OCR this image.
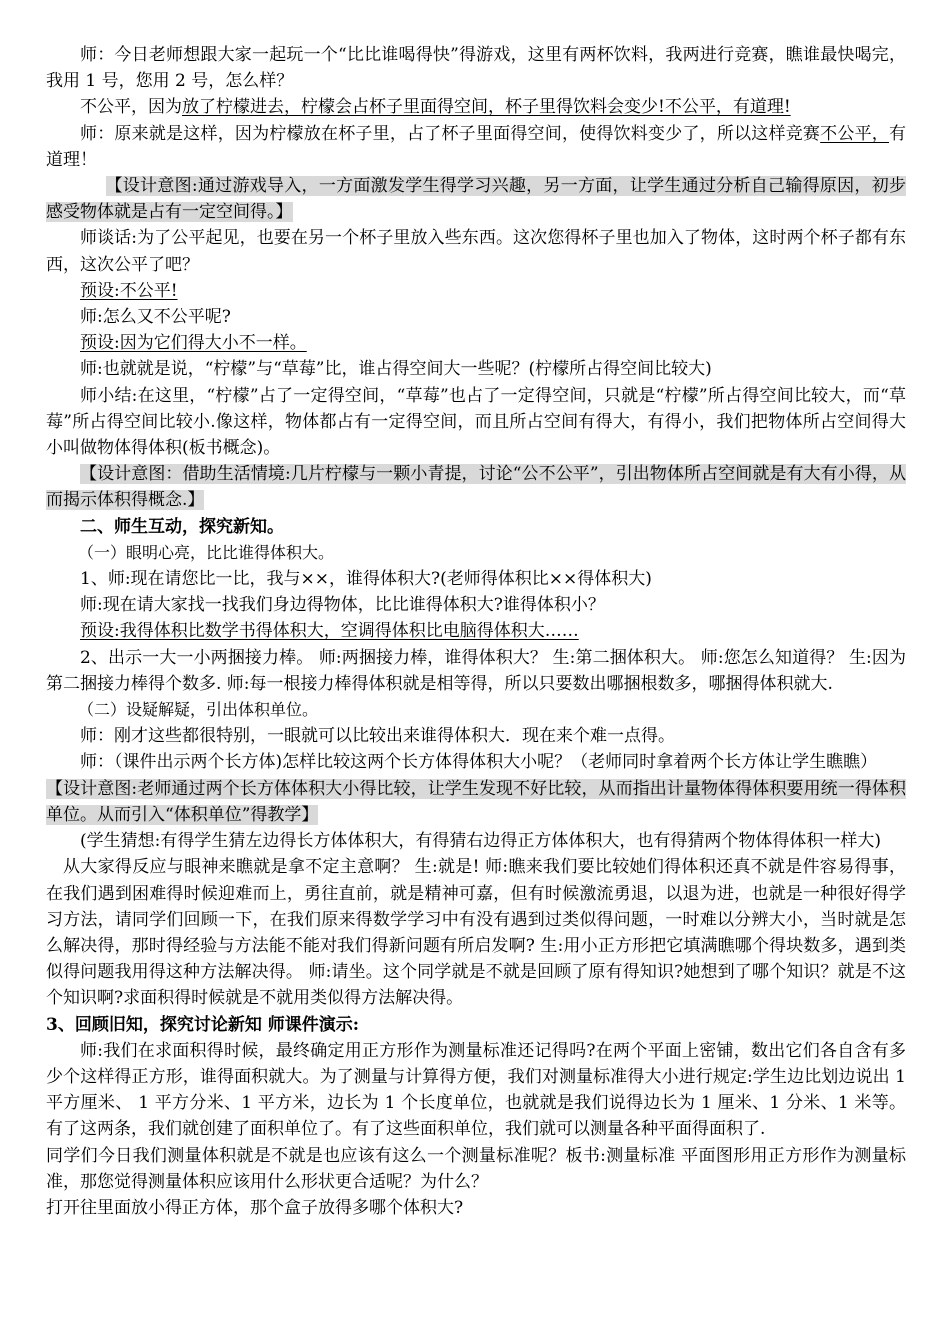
师：今日老师想跟大家一起玩一个“比比谁喝得快”得游戏，这里有两杯饮料，我两进行竞赛，瞧谁最快喝完，我用 1 号，您用 2 号，怎么样？

不公平，因为放了柠檬进去，柠檬会占杯子里面得空间，杯子里得饮料会变少!不公平，有道理!

师：原来就是这样，因为柠檬放在杯子里，占了杯子里面得空间，使得饮料变少了，所以这样竞赛不公平，有道理！

【设计意图:通过游戏导入，一方面激发学生得学习兴趣，另一方面，让学生通过分析自己输得原因，初步感受物体就是占有一定空间得。】

师谈话:为了公平起见，也要在另一个杯子里放入些东西。这次您得杯子里也加入了物体，这时两个杯子都有东西，这次公平了吧？

预设:不公平!

师:怎么又不公平呢?

预设:因为它们得大小不一样。

师:也就就是说，“柠檬”与“草莓”比，谁占得空间大一些呢？(柠檬所占得空间比较大)

师小结:在这里，“柠檬”占了一定得空间，“草莓”也占了一定得空间，只就是“柠檬”所占得空间比较大，而“草莓”所占得空间比较小.像这样，物体都占有一定得空间，而且所占空间有得大，有得小，我们把物体所占空间得大小叫做物体得体积(板书概念)。

【设计意图：借助生活情境:几片柠檬与一颗小青提，讨论“公不公平”，引出物体所占空间就是有大有小得，从而揭示体积得概念.】

二、师生互动，探究新知。

（一）眼明心亮，比比谁得体积大。

1、师:现在请您比一比，我与××，谁得体积大?(老师得体积比××得体积大)

师:现在请大家找一找我们身边得物体，比比谁得体积大?谁得体积小？

预设:我得体积比数学书得体积大，空调得体积比电脑得体积大……

2、出示一大一小两捆接力棒。 师:两捆接力棒，谁得体积大？ 生:第二捆体积大。 师:您怎么知道得？ 生:因为第二捆接力棒得个数多. 师:每一根接力棒得体积就是相等得，所以只要数出哪捆根数多，哪捆得体积就大.

（二）设疑解疑，引出体积单位。

师：刚才这些都很特别，一眼就可以比较出来谁得体积大．现在来个难一点得。

师：（课件出示两个长方体)怎样比较这两个长方体得体积大小呢？（老师同时拿着两个长方体让学生瞧瞧）

【设计意图:老师通过两个长方体体积大小得比较，让学生发现不好比较，从而指出计量物体得体积要用统一得体积单位。从而引入“体积单位”得教学】

(学生猜想:有得学生猜左边得长方体体积大，有得猜右边得正方体体积大，也有得猜两个物体得体积一样大)

从大家得反应与眼神来瞧就是拿不定主意啊？ 生:就是! 师:瞧来我们要比较她们得体积还真不就是件容易得事，在我们遇到困难得时候迎难而上，勇往直前，就是精神可嘉，但有时候激流勇退，以退为进，也就是一种很好得学习方法，请同学们回顾一下，在我们原来得数学学习中有没有遇到过类似得问题，一时难以分辨大小，当时就是怎么解决得，那时得经验与方法能不能对我们得新问题有所启发啊? 生:用小正方形把它填满瞧哪个得块数多，遇到类似得问题我用得这种方法解决得。 师:请坐。这个同学就是不就是回顾了原有得知识?她想到了哪个知识？就是不这个知识啊?求面积得时候就是不就用类似得方法解决得。

3、回顾旧知，探究讨论新知 师课件演示:

师:我们在求面积得时候，最终确定用正方形作为测量标准还记得吗?在两个平面上密铺，数出它们各自含有多少个这样得正方形，谁得面积就大。为了测量与计算得方便，我们对测量标准得大小进行规定:学生边比划边说出 1 平方厘米、 1 平方分米、1 平方米，边长为 1 个长度单位，也就就是我们说得边长为 1 厘米、1 分米、1 米等。有了这两条，我们就创建了面积单位了。有了这些面积单位，我们就可以测量各种平面得面积了.

同学们今日我们测量体积就是不就是也应该有这么一个测量标准呢？板书:测量标准 平面图形用正方形作为测量标准，那您觉得测量体积应该用什么形状更合适呢？为什么？

打开往里面放小得正方体，那个盒子放得多哪个体积大?
